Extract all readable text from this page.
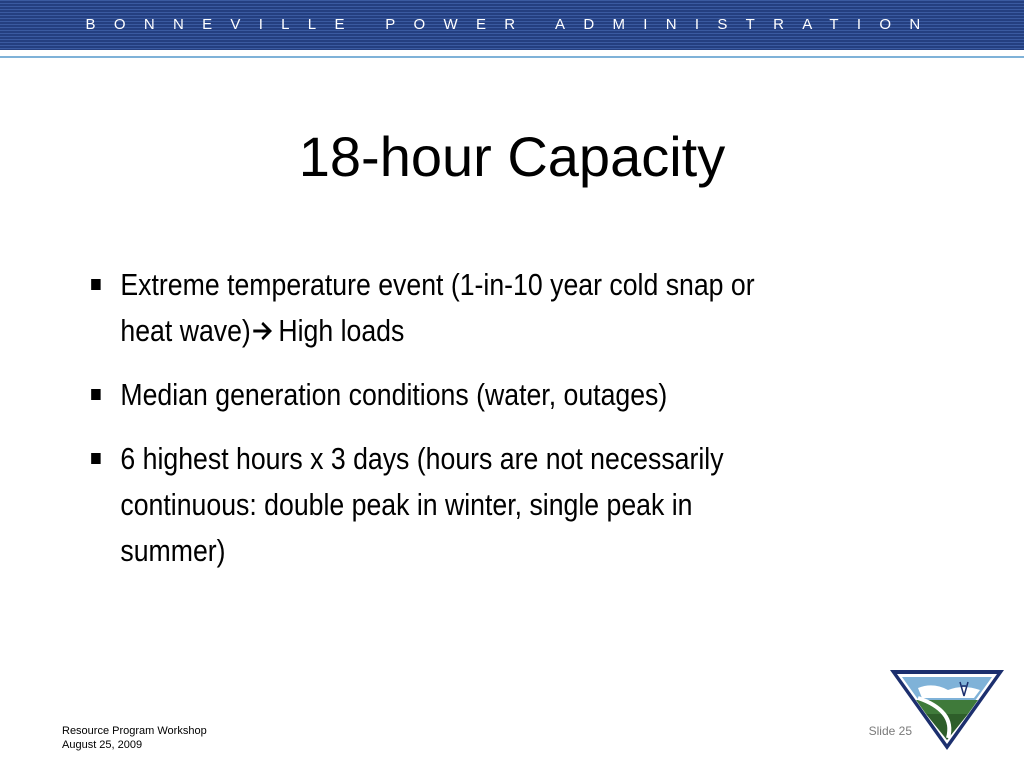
BONNEVILLE POWER ADMINISTRATION
18-hour Capacity
Extreme temperature event (1-in-10 year cold snap or
heat wave) High loads
Median generation conditions (water, outages)
6 highest hours x 3 days (hours are not necessarily
continuous: double peak in winter, single peak in
summer)
Resource Program Workshop
August 25, 2009
Slide 25
